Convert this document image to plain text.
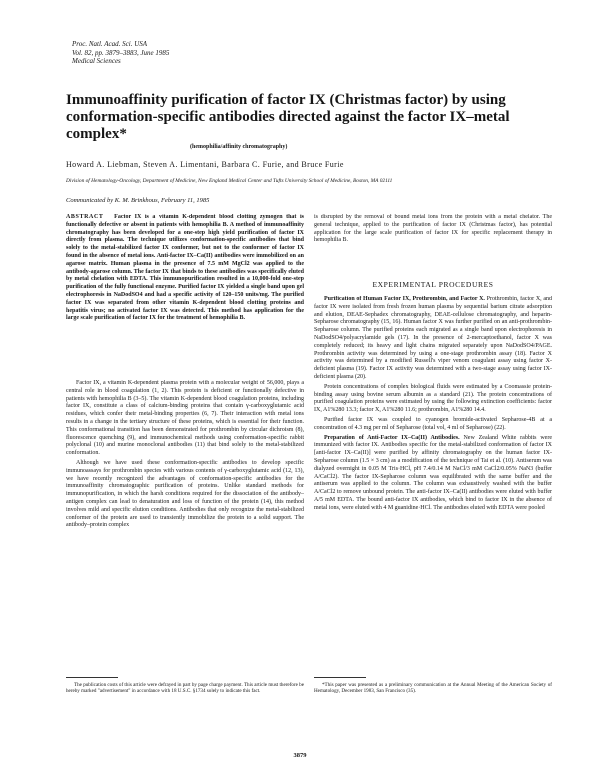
Proc. Natl. Acad. Sci. USA
Vol. 82, pp. 3879–3883, June 1985
Medical Sciences
Immunoaffinity purification of factor IX (Christmas factor) by using conformation-specific antibodies directed against the factor IX–metal complex*
(hemophilia/affinity chromatography)
Howard A. Liebman, Steven A. Limentani, Barbara C. Furie, and Bruce Furie
Division of Hematology-Oncology, Department of Medicine, New England Medical Center and Tufts University School of Medicine, Boston, MA 02111
Communicated by K. M. Brinkhous, February 11, 1985
ABSTRACT Factor IX is a vitamin K-dependent blood clotting zymogen that is functionally defective or absent in patients with hemophilia B. A method of immunoaffinity chromatography has been developed for a one-step high yield purification of factor IX directly from plasma. The technique utilizes conformation-specific antibodies that bind solely to the metal-stabilized factor IX conformer, but not to the conformer of factor IX found in the absence of metal ions. Anti-factor IX–Ca(II) antibodies were immobilized on an agarose matrix. Human plasma in the presence of 7.5 mM MgCl2 was applied to the antibody-agarose column. The factor IX that binds to these antibodies was specifically eluted by metal chelation with EDTA. This immunopurification resulted in a 10,000-fold one-step purification of the fully functional enzyme. Purified factor IX yielded a single band upon gel electrophoresis in NaDodSO4 and had a specific activity of 120–150 units/mg. The purified factor IX was separated from other vitamin K-dependent blood clotting proteins and hepatitis virus; no activated factor IX was detected. This method has application for the large scale purification of factor IX for the treatment of hemophilia B.

Factor IX, a vitamin K-dependent plasma protein with a molecular weight of 56,000, plays a central role in blood coagulation (1, 2). This protein is deficient or functionally defective in patients with hemophilia B (3–5). The vitamin K-dependent blood coagulation proteins, including factor IX, constitute a class of calcium-binding proteins that contain γ-carboxyglutamic acid residues, which confer their metal-binding properties (6, 7). Their interaction with metal ions results in a change in the tertiary structure of these proteins, which is essential for their function. This conformational transition has been demonstrated for prothrombin by circular dichroism (8), fluorescence quenching (9), and immunochemical methods using conformation-specific rabbit polyclonal (10) and murine monoclonal antibodies (11) that bind solely to the metal-stabilized conformation.

Although we have used these conformation-specific antibodies to develop specific immunoassays for prothrombin species with various contents of γ-carboxyglutamic acid (12, 13), we have recently recognized the advantages of conformation-specific antibodies for the immunoaffinity chromatographic purification of proteins. Unlike standard methods for immunopurification, in which the harsh conditions required for the dissociation of the antibody–antigen complex can lead to denaturation and loss of function of the protein (14), this method involves mild and specific elution conditions. Antibodies that only recognize the metal-stabilized conformer of the protein are used to transiently immobilize the protein to a solid support. The antibody–protein complex

is disrupted by the removal of bound metal ions from the protein with a metal chelator. The general technique, applied to the purification of factor IX (Christmas factor), has potential application for the large scale purification of factor IX for specific replacement therapy in hemophilia B.

EXPERIMENTAL PROCEDURES

Purification of Human Factor IX, Prothrombin, and Factor X. Prothrombin, factor X, and factor IX were isolated from fresh frozen human plasma by sequential barium citrate adsorption and elution, DEAE-Sephadex chromatography, DEAE-cellulose chromatography, and heparin-Sepharose chromatography (15, 16). Human factor X was further purified on an anti-prothrombin-Sepharose column. The purified proteins each migrated as a single band upon electrophoresis in NaDodSO4/polyacrylamide gels (17). In the presence of 2-mercaptoethanol, factor X was completely reduced; its heavy and light chains migrated separately upon NaDodSO4/PAGE. Prothrombin activity was determined by using a one-stage prothrombin assay (18). Factor X activity was determined by a modified Russell's viper venom coagulant assay using factor X-deficient plasma (19). Factor IX activity was determined with a two-stage assay using factor IX-deficient plasma (20).

Protein concentrations of complex biological fluids were estimated by a Coomassie protein-binding assay using bovine serum albumin as a standard (21). The protein concentrations of purified coagulation proteins were estimated by using the following extinction coefficients: factor IX, A1%280 13.3; factor X, A1%280 11.6; prothrombin, A1%280 14.4.

Purified factor IX was coupled to cyanogen bromide-activated Sepharose-4B at a concentration of 4.3 mg per ml of Sepharose (total vol, 4 ml of Sepharose) (22).

Preparation of Anti-Factor IX–Ca(II) Antibodies. New Zealand White rabbits were immunized with factor IX. Antibodies specific for the metal-stabilized conformation of factor IX [anti-factor IX–Ca(II)] were purified by affinity chromatography on the human factor IX-Sepharose column (1.5 × 3 cm) as a modification of the technique of Tai et al. (10). Antiserum was dialyzed overnight in 0.05 M Tris·HCl, pH 7.4/0.14 M NaCl/3 mM CaCl2/0.05% NaN3 (buffer A/CaCl2). The factor IX-Sepharose column was equilibrated with the same buffer and the antiserum was applied to the column. The column was exhaustively washed with the buffer A/CaCl2 to remove unbound protein. The anti-factor IX–Ca(II) antibodies were eluted with buffer A/5 mM EDTA. The bound anti-factor IX antibodies, which bind to factor IX in the absence of metal ions, were eluted with 4 M guanidine·HCl. The antibodies eluted with EDTA were pooled

The publication costs of this article were defrayed in part by page charge payment. This article must therefore be hereby marked "advertisement" in accordance with 18 U.S.C. §1734 solely to indicate this fact.

*This paper was presented as a preliminary communication at the Annual Meeting of the American Society of Hematology, December 1983, San Francisco (35).

3879
